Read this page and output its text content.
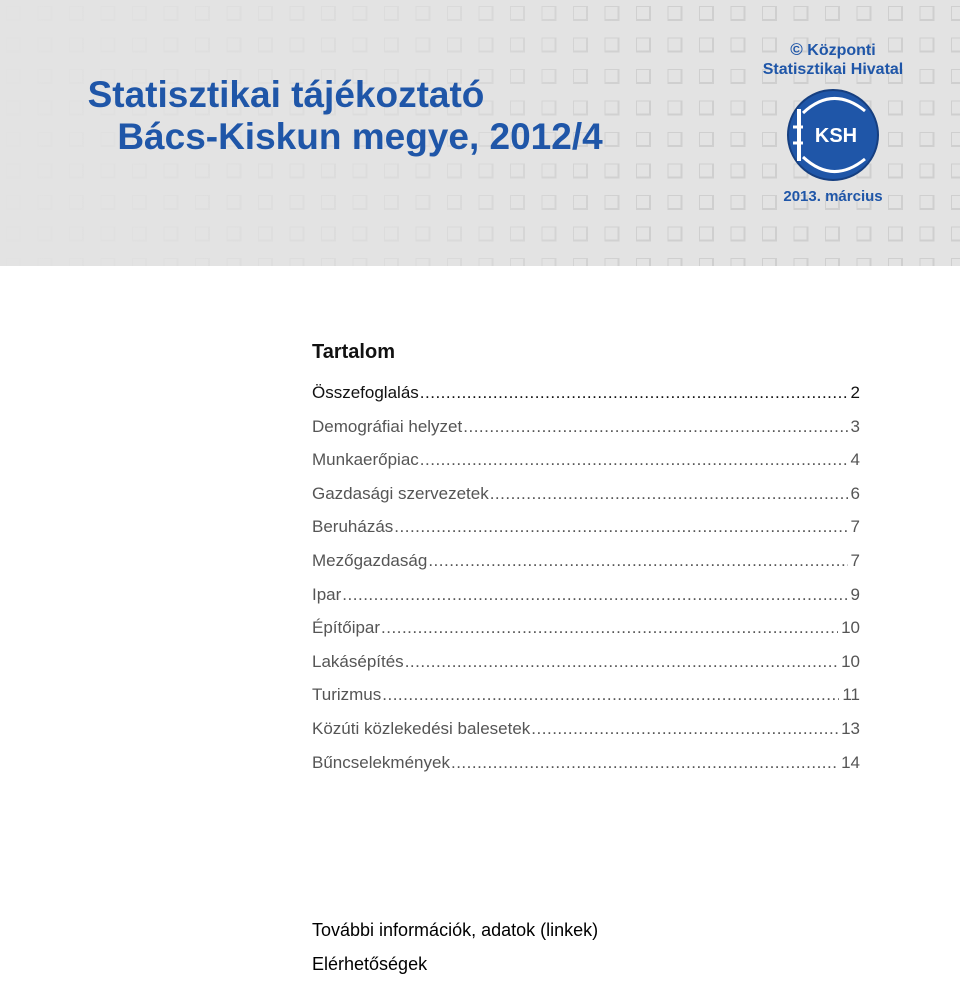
Statisztikai tájékoztató
Bács-Kiskun megye, 2012/4
© Központi
Statisztikai Hivatal
KSH
2013. március
Tartalom
Összefoglalás .....	2
Demográfiai helyzet .....	3
Munkaerőpiac .....	4
Gazdasági szervezetek .....	6
Beruházás .....	7
Mezőgazdaság .....	7
Ipar .....	9
Építőipar .....	10
Lakásépítés .....	10
Turizmus .....	11
Közúti közlekedési balesetek .....	13
Bűncselekmények .....	14
További információk, adatok (linkek)
Elérhetőségek
